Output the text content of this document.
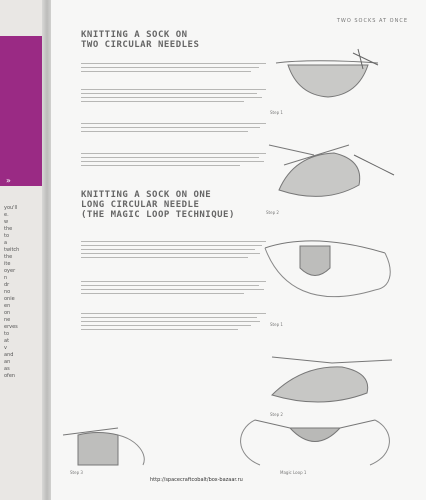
»
you'll
e.
w
the
to
a
twitch
the
ite
oyer
n
dr
no
onie
en
on
ne
erves
to
at
v
and
an
as
ofen
TWO SOCKS AT ONCE
KNITTING A SOCK ON
TWO CIRCULAR NEEDLES
KNITTING A SOCK ON ONE
LONG CIRCULAR NEEDLE
(THE MAGIC LOOP TECHNIQUE)
Step 1
Step 2
Step 1
Step 2
Step 3	Magic Loop 1
http://spacecraftcobalt/box-bazaar.ru
